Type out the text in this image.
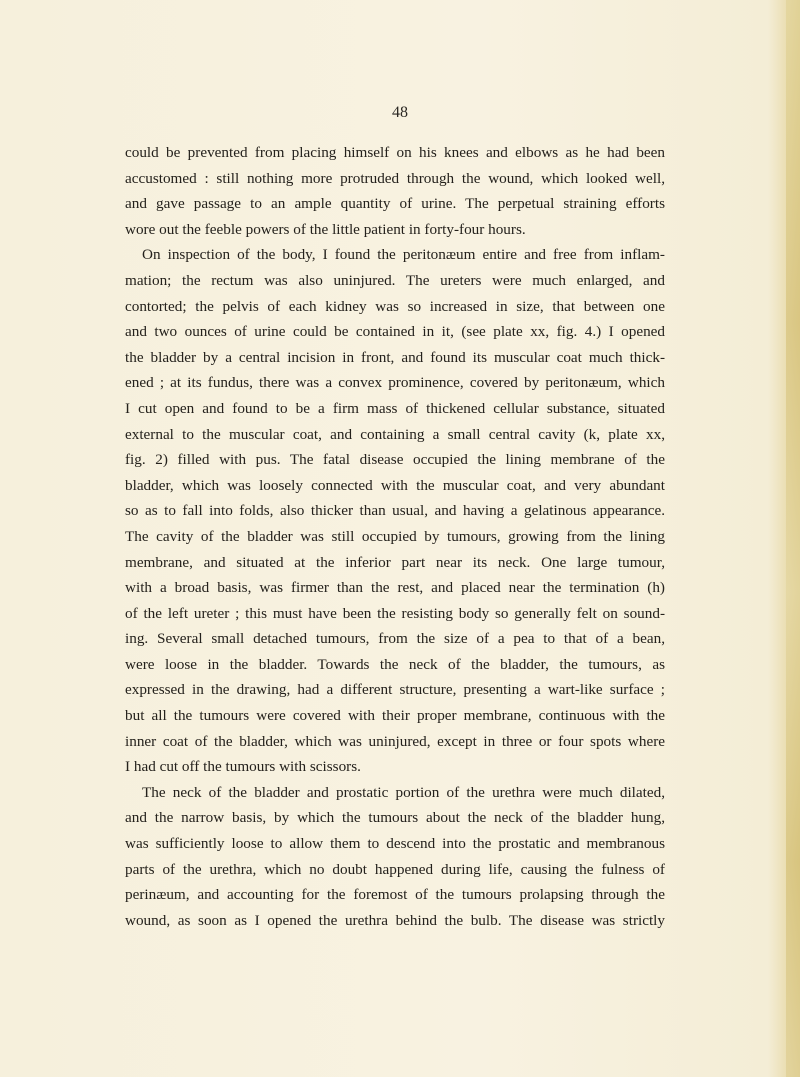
48

could be prevented from placing himself on his knees and elbows as he had been
accustomed : still nothing more protruded through the wound, which looked well,
and gave passage to an ample quantity of urine. The perpetual straining efforts
wore out the feeble powers of the little patient in forty-four hours.
On inspection of the body, I found the peritonæum entire and free from inflam-
mation; the rectum was also uninjured. The ureters were much enlarged, and
contorted; the pelvis of each kidney was so increased in size, that between one
and two ounces of urine could be contained in it, (see plate xx, fig. 4.) I opened
the bladder by a central incision in front, and found its muscular coat much thick-
ened ; at its fundus, there was a convex prominence, covered by peritonæum, which
I cut open and found to be a firm mass of thickened cellular substance, situated
external to the muscular coat, and containing a small central cavity (k, plate xx,
fig. 2) filled with pus. The fatal disease occupied the lining membrane of the
bladder, which was loosely connected with the muscular coat, and very abundant
so as to fall into folds, also thicker than usual, and having a gelatinous appearance.
The cavity of the bladder was still occupied by tumours, growing from the lining
membrane, and situated at the inferior part near its neck. One large tumour,
with a broad basis, was firmer than the rest, and placed near the termination (h)
of the left ureter ; this must have been the resisting body so generally felt on sound-
ing. Several small detached tumours, from the size of a pea to that of a bean,
were loose in the bladder. Towards the neck of the bladder, the tumours, as
expressed in the drawing, had a different structure, presenting a wart-like surface ;
but all the tumours were covered with their proper membrane, continuous with the
inner coat of the bladder, which was uninjured, except in three or four spots where
I had cut off the tumours with scissors.
The neck of the bladder and prostatic portion of the urethra were much dilated,
and the narrow basis, by which the tumours about the neck of the bladder hung,
was sufficiently loose to allow them to descend into the prostatic and membranous
parts of the urethra, which no doubt happened during life, causing the fulness of
perinæum, and accounting for the foremost of the tumours prolapsing through the
wound, as soon as I opened the urethra behind the bulb. The disease was strictly
